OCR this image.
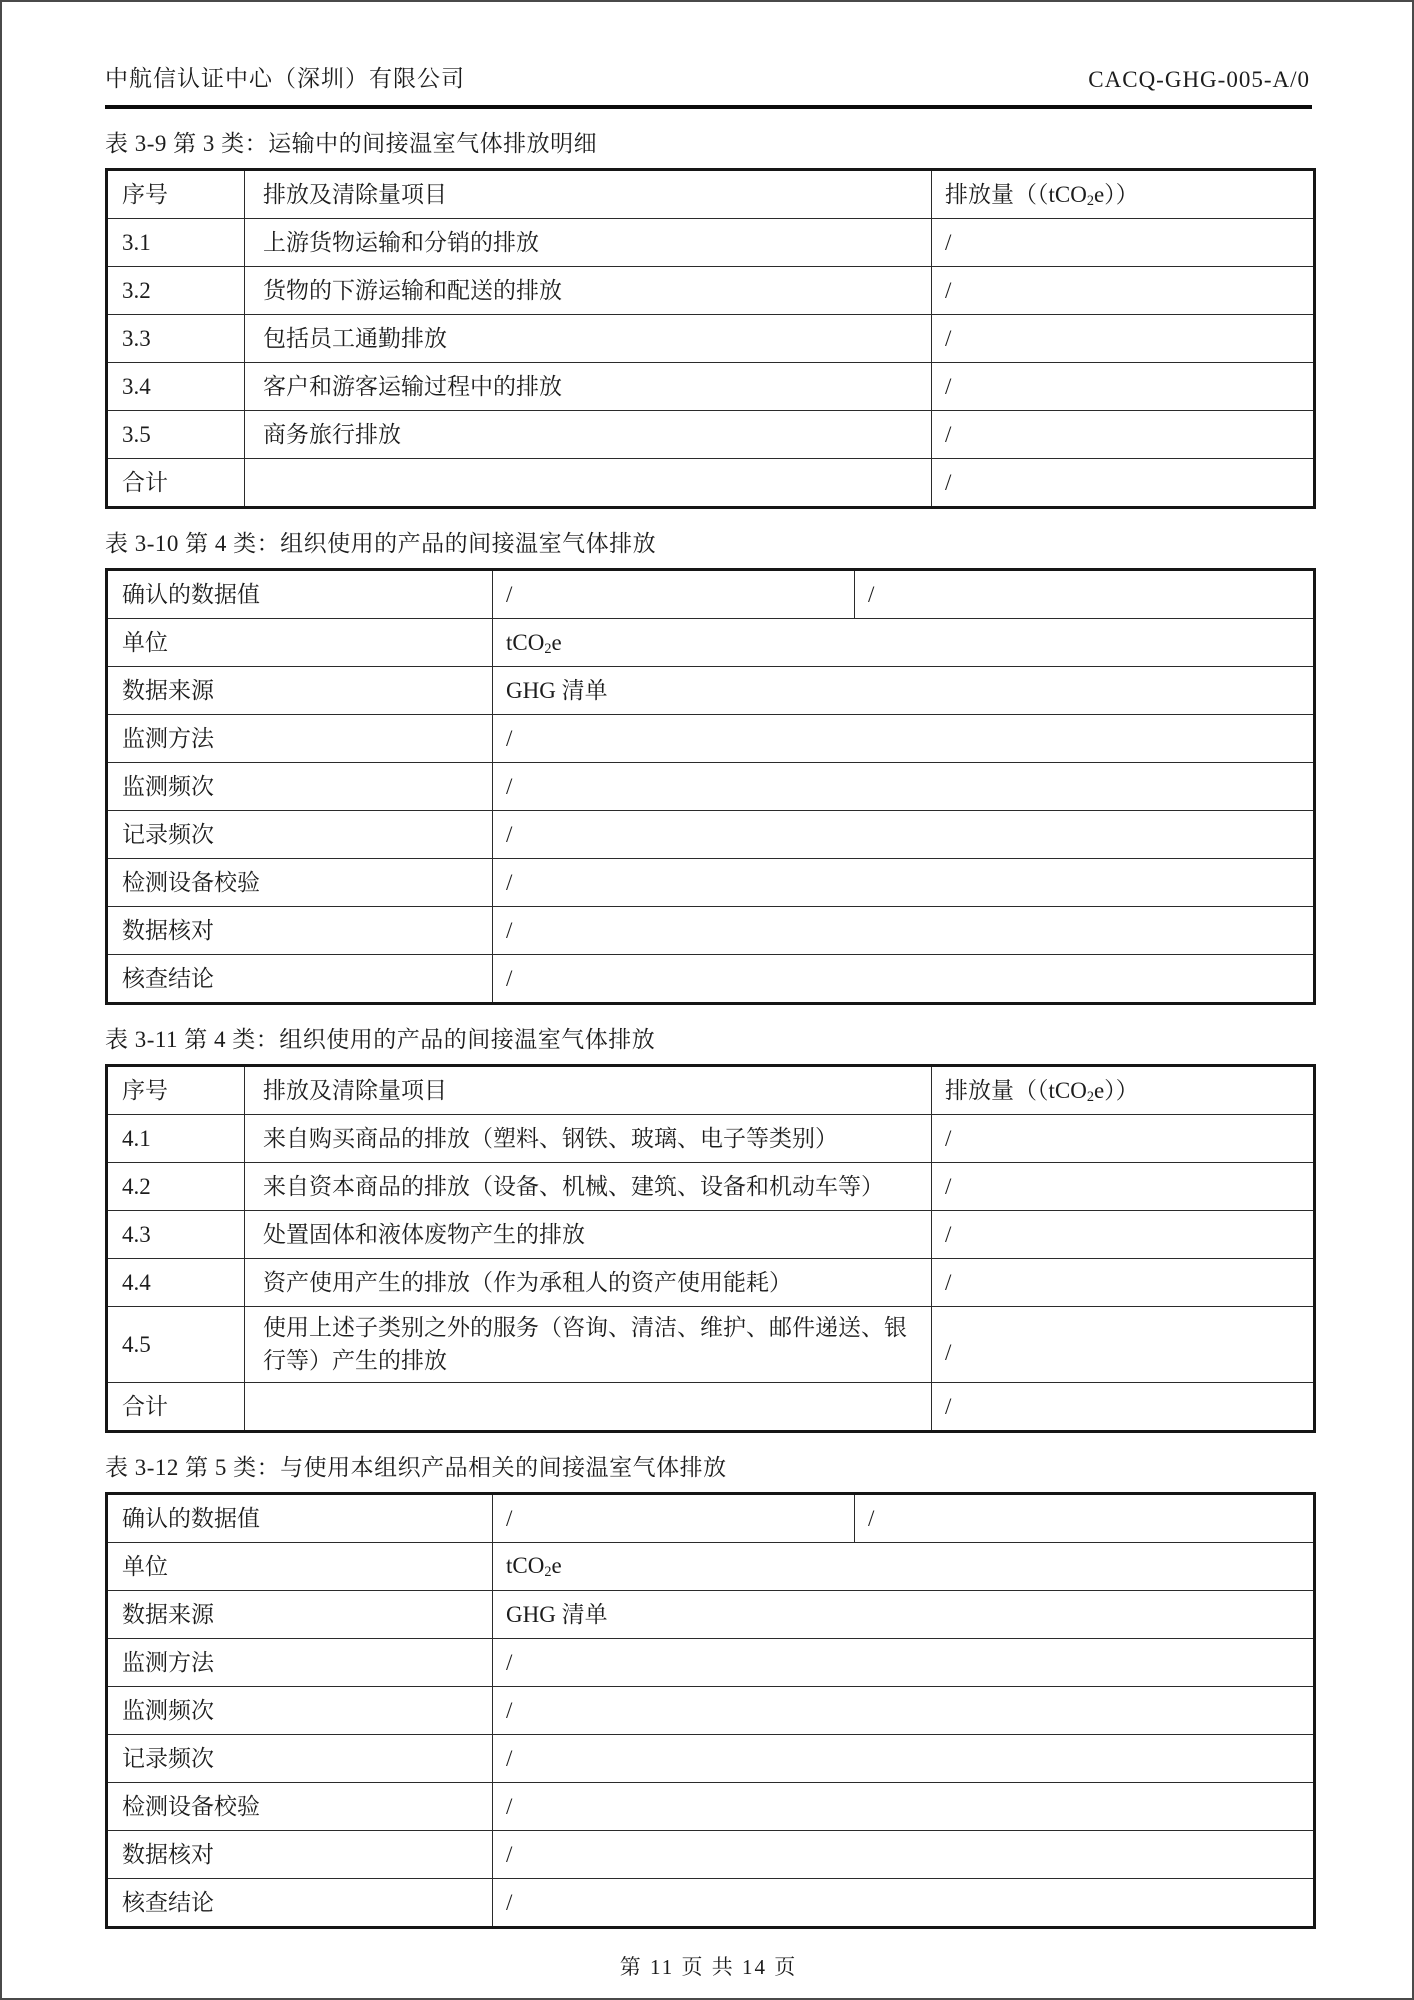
中航信认证中心（深圳）有限公司	CACQ-GHG-005-A/0

表 3-9 第 3 类：运输中的间接温室气体排放明细

序号	排放及清除量项目	排放量（（tCO$_2$e））
3.1	上游货物运输和分销的排放	/
3.2	货物的下游运输和配送的排放	/
3.3	包括员工通勤排放	/
3.4	客户和游客运输过程中的排放	/
3.5	商务旅行排放	/
合计		/

表 3-10 第 4 类：组织使用的产品的间接温室气体排放

确认的数据值	/	/
单位	tCO$_2$e	
数据来源	GHG 清单	
监测方法	/	
监测频次	/	
记录频次	/	
检测设备校验	/	
数据核对	/	
核查结论	/	

表 3-11 第 4 类：组织使用的产品的间接温室气体排放

序号	排放及清除量项目	排放量（（tCO$_2$e））
4.1	来自购买商品的排放（塑料、钢铁、玻璃、电子等类别）	/
4.2	来自资本商品的排放（设备、机械、建筑、设备和机动车等）	/
4.3	处置固体和液体废物产生的排放	/
4.4	资产使用产生的排放（作为承租人的资产使用能耗）	/
4.5	使用上述子类别之外的服务（咨询、清洁、维护、邮件递送、银行等）产生的排放	/
合计		/

表 3-12 第 5 类：与使用本组织产品相关的间接温室气体排放

确认的数据值	/	/
单位	tCO$_2$e	
数据来源	GHG 清单	
监测方法	/	
监测频次	/	
记录频次	/	
检测设备校验	/	
数据核对	/	
核查结论	/	
第 11 页 共 14 页
